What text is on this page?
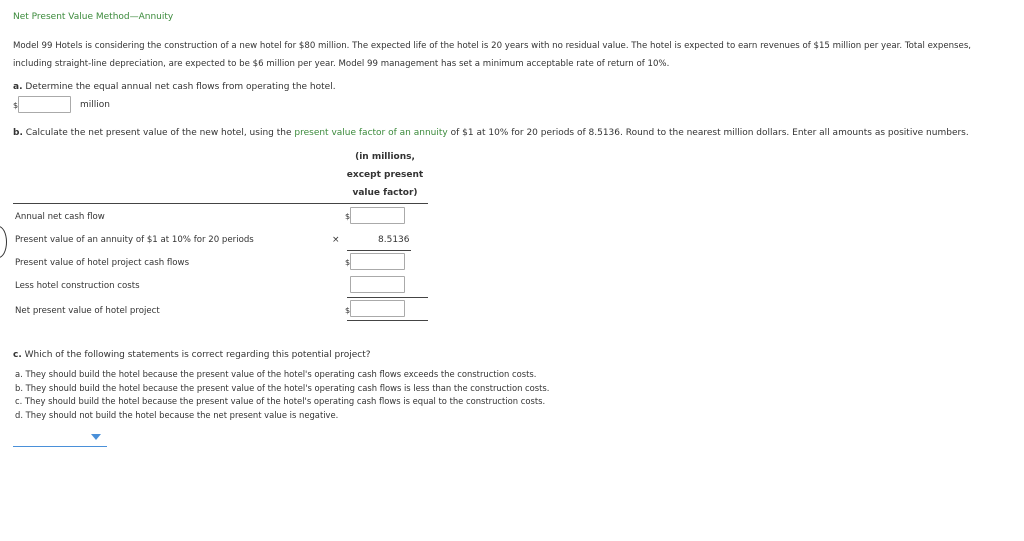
Net Present Value Method—Annuity
Model 99 Hotels is considering the construction of a new hotel for $80 million. The expected life of the hotel is 20 years with no residual value. The hotel is expected to earn revenues of $15 million per year. Total expenses, including straight-line depreciation, are expected to be $6 million per year. Model 99 management has set a minimum acceptable rate of return of 10%.
a. Determine the equal annual net cash flows from operating the hotel.
$	million
b. Calculate the net present value of the new hotel, using the present value factor of an annuity of $1 at 10% for 20 periods of 8.5136. Round to the nearest million dollars. Enter all amounts as positive numbers.
(in millions,
except present
value factor)
Annual net cash flow	$
Present value of an annuity of $1 at 10% for 20 periods	×	8.5136
Present value of hotel project cash flows	$
Less hotel construction costs
Net present value of hotel project	$
c. Which of the following statements is correct regarding this potential project?
a. They should build the hotel because the present value of the hotel's operating cash flows exceeds the construction costs.
b. They should build the hotel because the present value of the hotel's operating cash flows is less than the construction costs.
c. They should build the hotel because the present value of the hotel's operating cash flows is equal to the construction costs.
d. They should not build the hotel because the net present value is negative.
